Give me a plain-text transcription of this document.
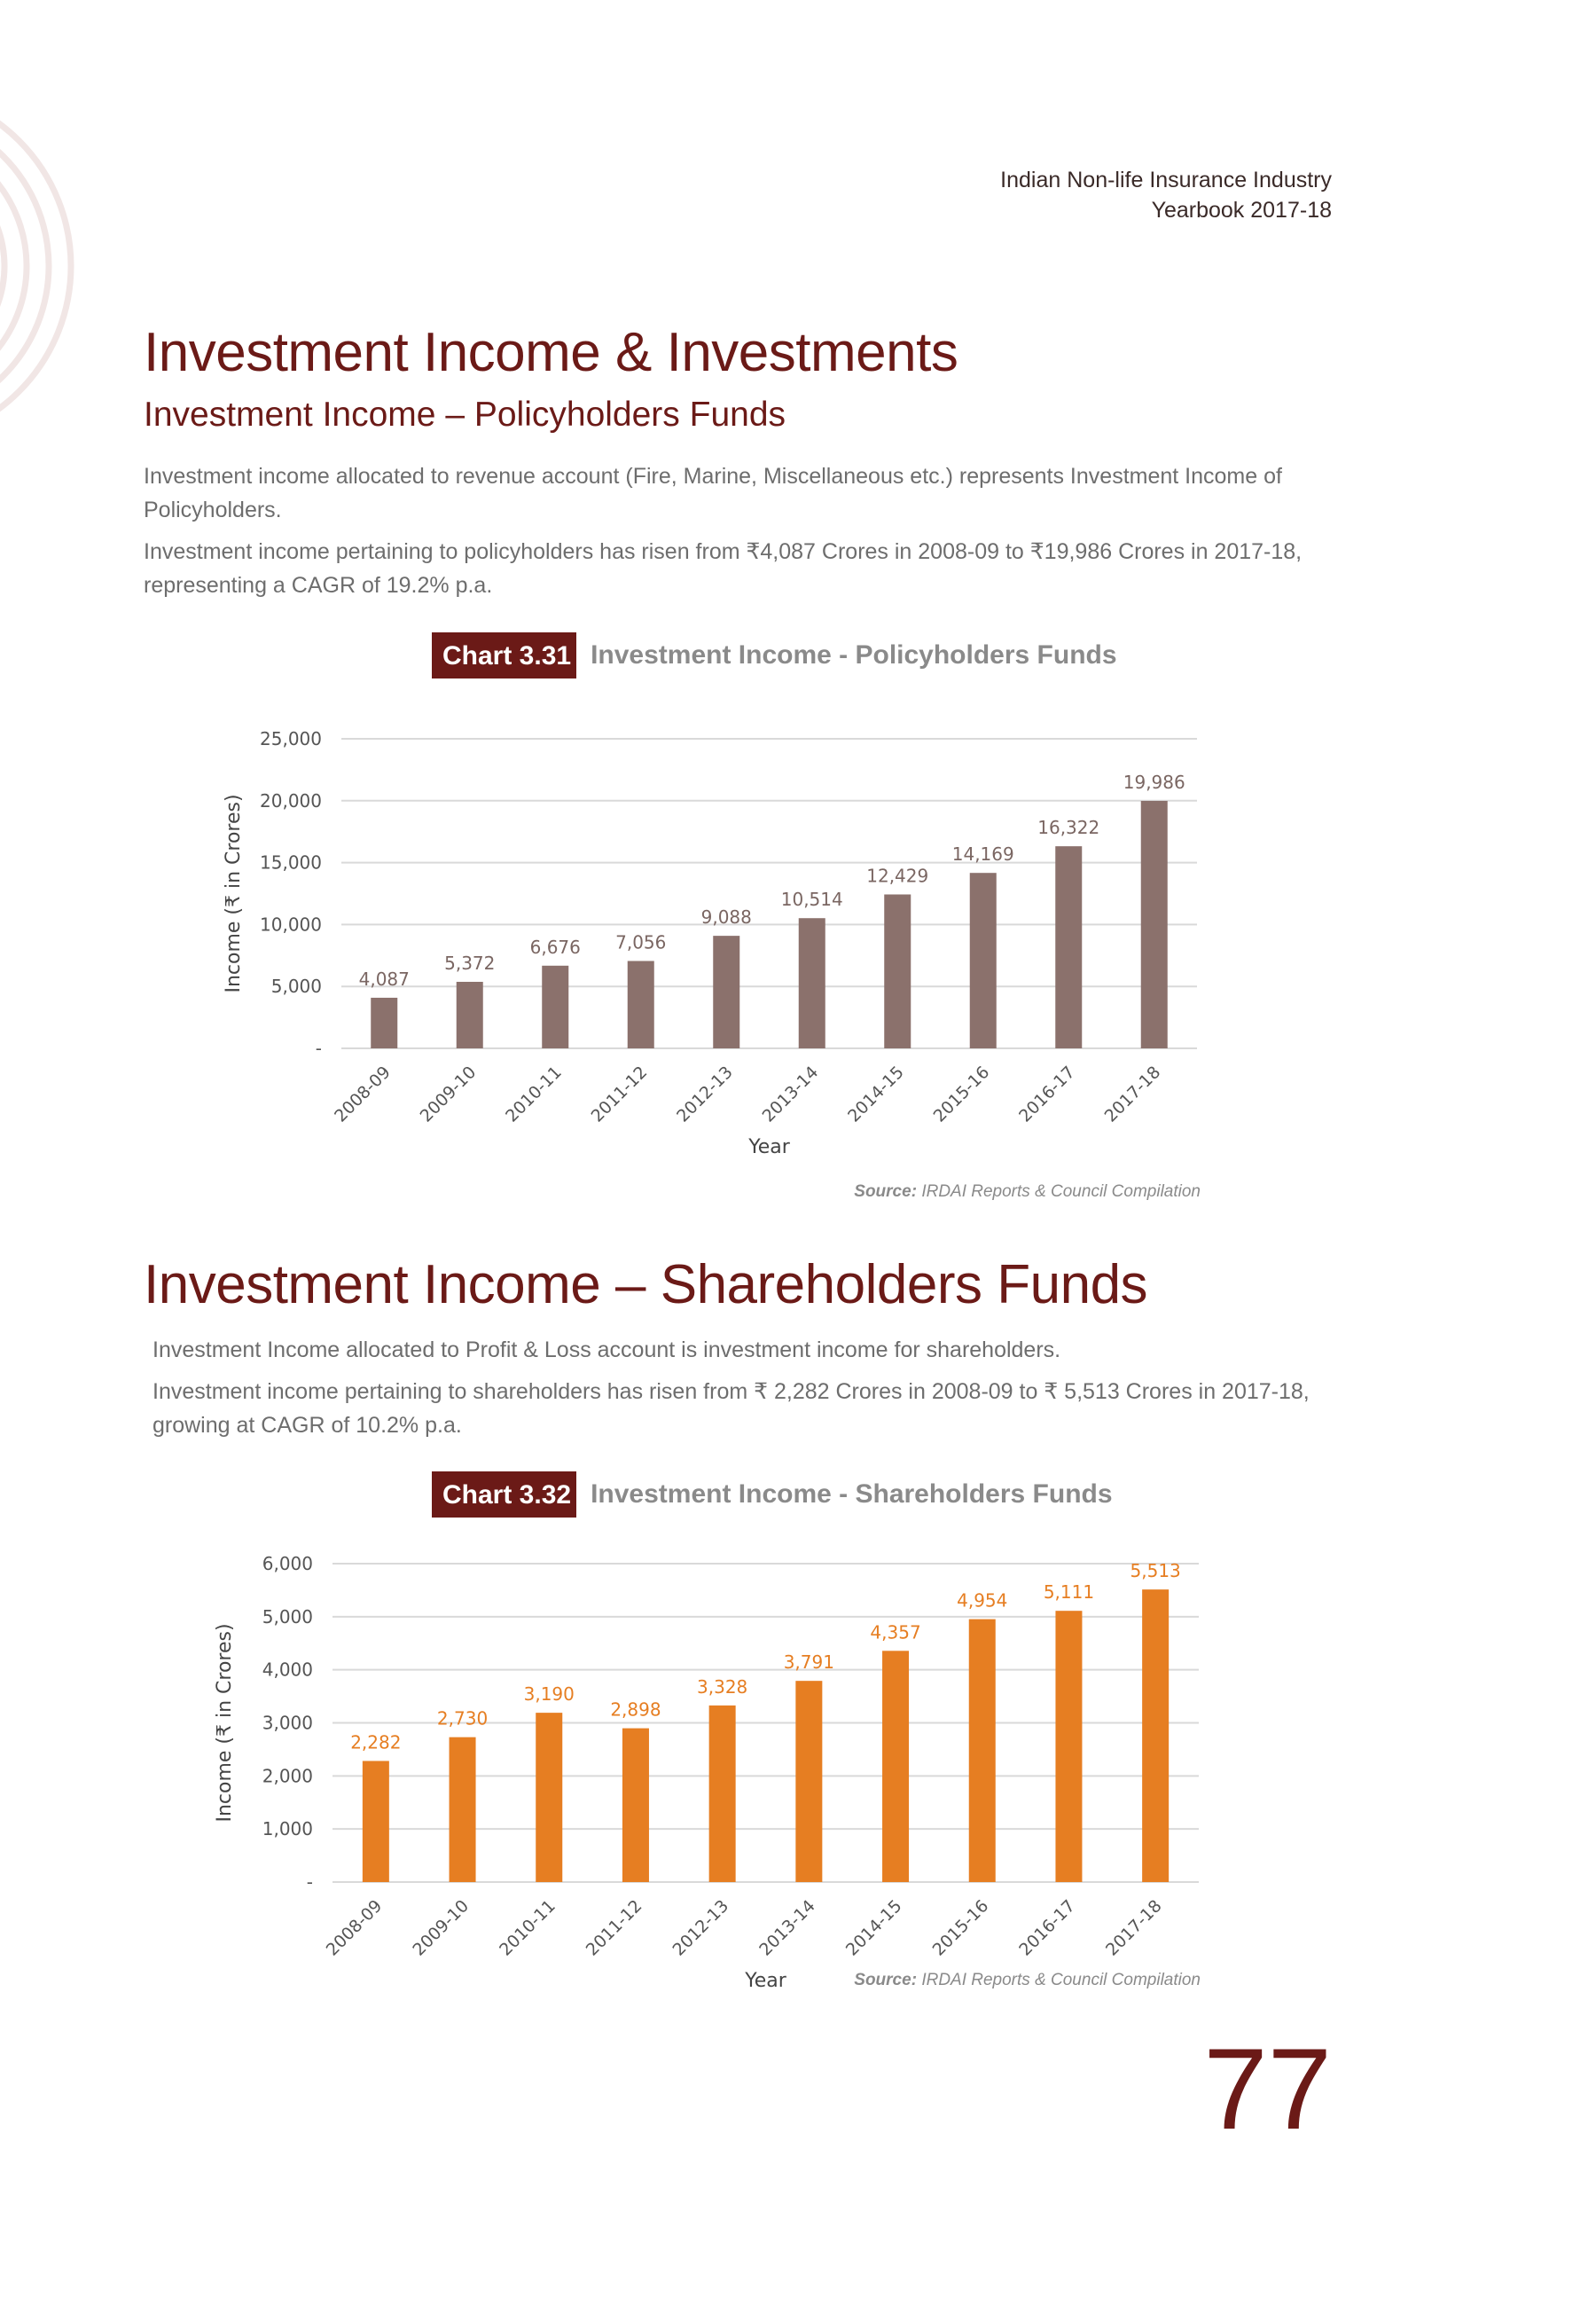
Indian Non-life Insurance Industry
Yearbook 2017-18
Investment Income & Investments
Investment Income – Policyholders Funds

Investment income allocated to revenue account (Fire, Marine, Miscellaneous etc.) represents Investment Income of Policyholders.

Investment income pertaining to policyholders has risen from ₹4,087 Crores in 2008-09 to ₹19,986 Crores in 2017-18, representing a CAGR of 19.2% p.a.

Chart 3.31 Investment Income - Policyholders Funds
-
5,000
10,000
15,000
20,000
25,000
4,087
2008-09
5,372
2009-10
6,676
2010-11
7,056
2011-12
9,088
2012-13
10,514
2013-14
12,429
2014-15
14,169
2015-16
16,322
2016-17
19,986
2017-18
Year
Income (₹ in Crores)
Source: IRDAI Reports & Council Compilation
Investment Income – Shareholders Funds

Investment Income allocated to Profit & Loss account is investment income for shareholders.

Investment income pertaining to shareholders has risen from ₹ 2,282 Crores in 2008-09 to ₹ 5,513 Crores in 2017-18, growing at CAGR of 10.2% p.a.

Chart 3.32 Investment Income - Shareholders Funds
-
1,000
2,000
3,000
4,000
5,000
6,000
2,282
2008-09
2,730
2009-10
3,190
2010-11
2,898
2011-12
3,328
2012-13
3,791
2013-14
4,357
2014-15
4,954
2015-16
5,111
2016-17
5,513
2017-18
Year
Income (₹ in Crores)
Source: IRDAI Reports & Council Compilation
77
